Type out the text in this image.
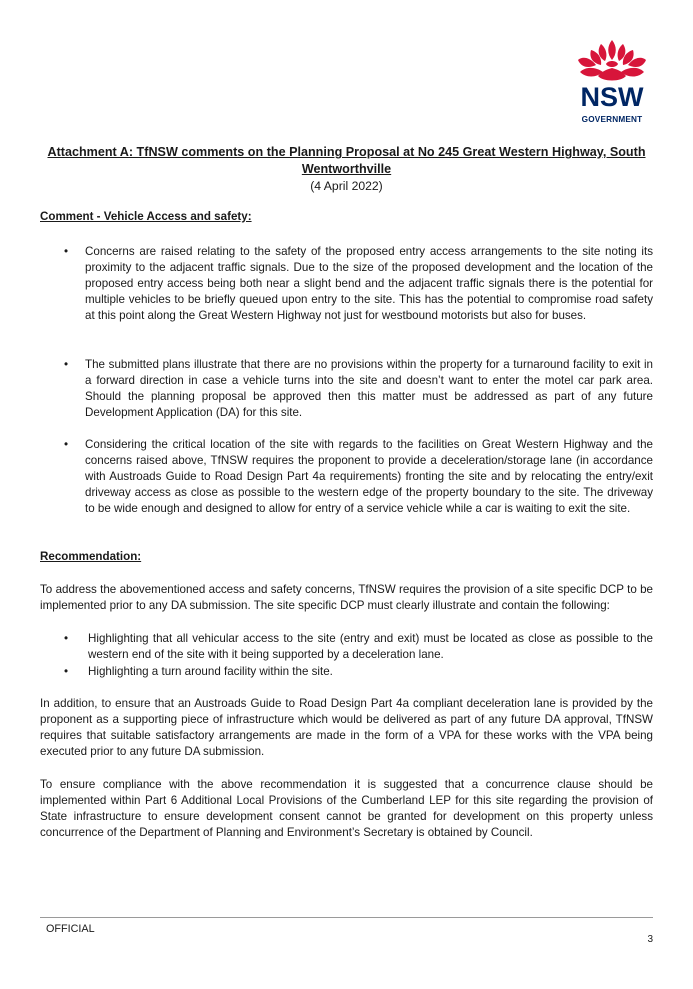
NSW
GOVERNMENT
Attachment A: TfNSW comments on the Planning Proposal at No 245 Great Western Highway, South
Wentworthville
(4 April 2022)
Comment - Vehicle Access and safety:
•	Concerns are raised relating to the safety of the proposed entry access arrangements to the site noting its proximity to the adjacent traffic signals. Due to the size of the proposed development and the location of the proposed entry access being both near a slight bend and the adjacent traffic signals there is the potential for multiple vehicles to be briefly queued upon entry to the site. This has the potential to compromise road safety at this point along the Great Western Highway not just for westbound motorists but also for buses.
•	The submitted plans illustrate that there are no provisions within the property for a turnaround facility to exit in a forward direction in case a vehicle turns into the site and doesn’t want to enter the motel car park area. Should the planning proposal be approved then this matter must be addressed as part of any future Development Application (DA) for this site.
•	Considering the critical location of the site with regards to the facilities on Great Western Highway and the concerns raised above, TfNSW requires the proponent to provide a deceleration/storage lane (in accordance with Austroads Guide to Road Design Part 4a requirements) fronting the site and by relocating the entry/exit driveway access as close as possible to the western edge of the property boundary to the site. The driveway to be wide enough and designed to allow for entry of a service vehicle while a car is waiting to exit the site.
Recommendation:
To address the abovementioned access and safety concerns, TfNSW requires the provision of a site specific DCP to be implemented prior to any DA submission. The site specific DCP must clearly illustrate and contain the following:
•	Highlighting that all vehicular access to the site (entry and exit) must be located as close as possible to the western end of the site with it being supported by a deceleration lane.
•	Highlighting a turn around facility within the site.
In addition, to ensure that an Austroads Guide to Road Design Part 4a compliant deceleration lane is provided by the proponent as a supporting piece of infrastructure which would be delivered as part of any future DA approval, TfNSW requires that suitable satisfactory arrangements are made in the form of a VPA for these works with the VPA being executed prior to any future DA submission.
To ensure compliance with the above recommendation it is suggested that a concurrence clause should be implemented within Part 6 Additional Local Provisions of the Cumberland LEP for this site regarding the provision of State infrastructure to ensure development consent cannot be granted for development on this property unless concurrence of the Department of Planning and Environment’s Secretary is obtained by Council.
OFFICIAL
3
